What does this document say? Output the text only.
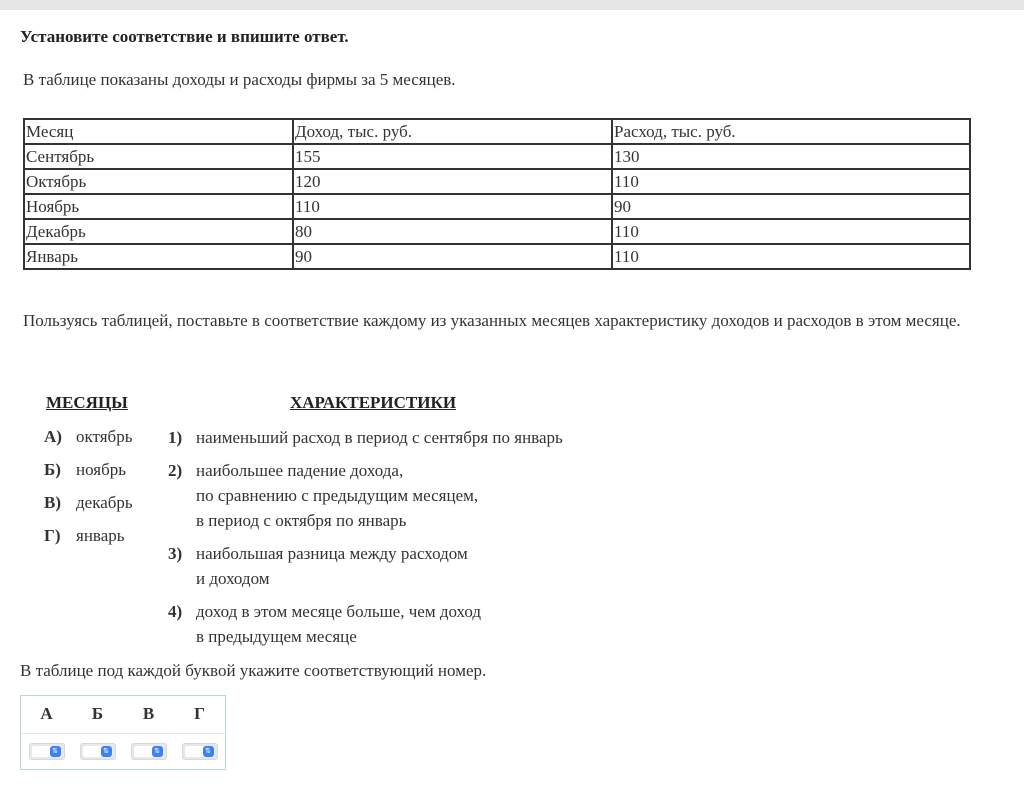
Установите соответствие и впишите ответ.
В таблице показаны доходы и расходы фирмы за 5 месяцев.
Месяц	Доход, тыс. руб.	Расход, тыс. руб.
Сентябрь	155	130
Октябрь	120	110
Ноябрь	110	90
Декабрь	80	110
Январь	90	110
Пользуясь таблицей, поставьте в соответствие каждому из указанных месяцев характеристику доходов и расходов в этом месяце.
МЕСЯЦЫ	ХАРАКТЕРИСТИКИ
А) октябрь
Б) ноябрь
В) декабрь
Г) январь
1) наименьший расход в период с сентября по январь
2) наибольшее падение дохода,
по сравнению с предыдущим месяцем,
в период с октября по январь
3) наибольшая разница между расходом
и доходом
4) доход в этом месяце больше, чем доход
в предыдущем месяце
В таблице под каждой буквой укажите соответствующий номер.
А	Б	В	Г
⇅	⇅	⇅	⇅
